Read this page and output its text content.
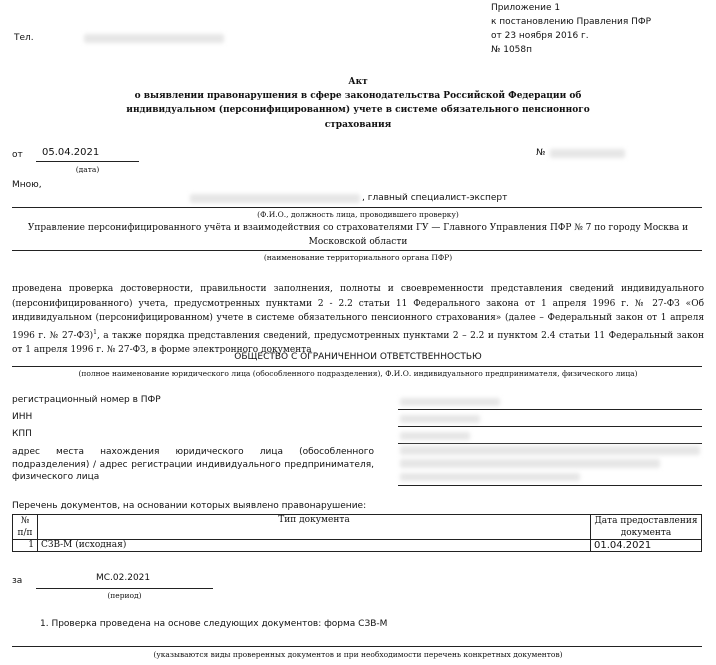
Приложение 1
к постановлению Правления ПФР
от 23 ноября 2016 г.
№ 1058п
Тел.
Акт
о выявлении правонарушения в сфере законодательства Российской Федерации об
индивидуальном (персонифицированном) учете в системе обязательного пенсионного
страхования
от 05.04.2021
(дата)
№
Мною,
, главный специалист-эксперт
(Ф.И.О., должность лица, проводившего проверку)
Управление персонифицированного учёта и взаимодействия со страхователями ГУ — Главного Управления ПФР № 7 по городу Москва и
Московской области
(наименование территориального органа ПФР)
проведена проверка достоверности, правильности заполнения, полноты и своевременности представления сведений индивидуального (персонифицированного) учета, предусмотренных пунктами 2 - 2.2 статьи 11 Федерального закона от 1 апреля 1996 г. № 27-ФЗ «Об индивидуальном (персонифицированном) учете в системе обязательного пенсионного страхования» (далее – Федеральный закон от 1 апреля 1996 г. № 27-ФЗ)$^1$, а также порядка представления сведений, предусмотренных пунктами 2 – 2.2 и пунктом 2.4 статьи 11 Федеральный закон от 1 апреля 1996 г. № 27-ФЗ, в форме электронного документа
ОБЩЕСТВО С ОГРАНИЧЕННОИ ОТВЕТСТВЕННОСТЬЮ
(полное наименование юридического лица (обособленного подразделения), Ф.И.О. индивидуального предпринимателя, физического лица)
регистрационный номер в ПФР
ИНН
КПП
адрес места нахождения юридического лица (обособленного подразделения) / адрес регистрации индивидуального предпринимателя, физического лица
Перечень документов, на основании которых выявлено правонарушение:
№ п/п	Тип документа	Дата предоставления документа
1	СЗВ-М (исходная)	01.04.2021
за	МС.02.2021
(период)
1. Проверка проведена на основе следующих документов: форма СЗВ-М
(указываются виды проверенных документов и при необходимости перечень конкретных документов)
